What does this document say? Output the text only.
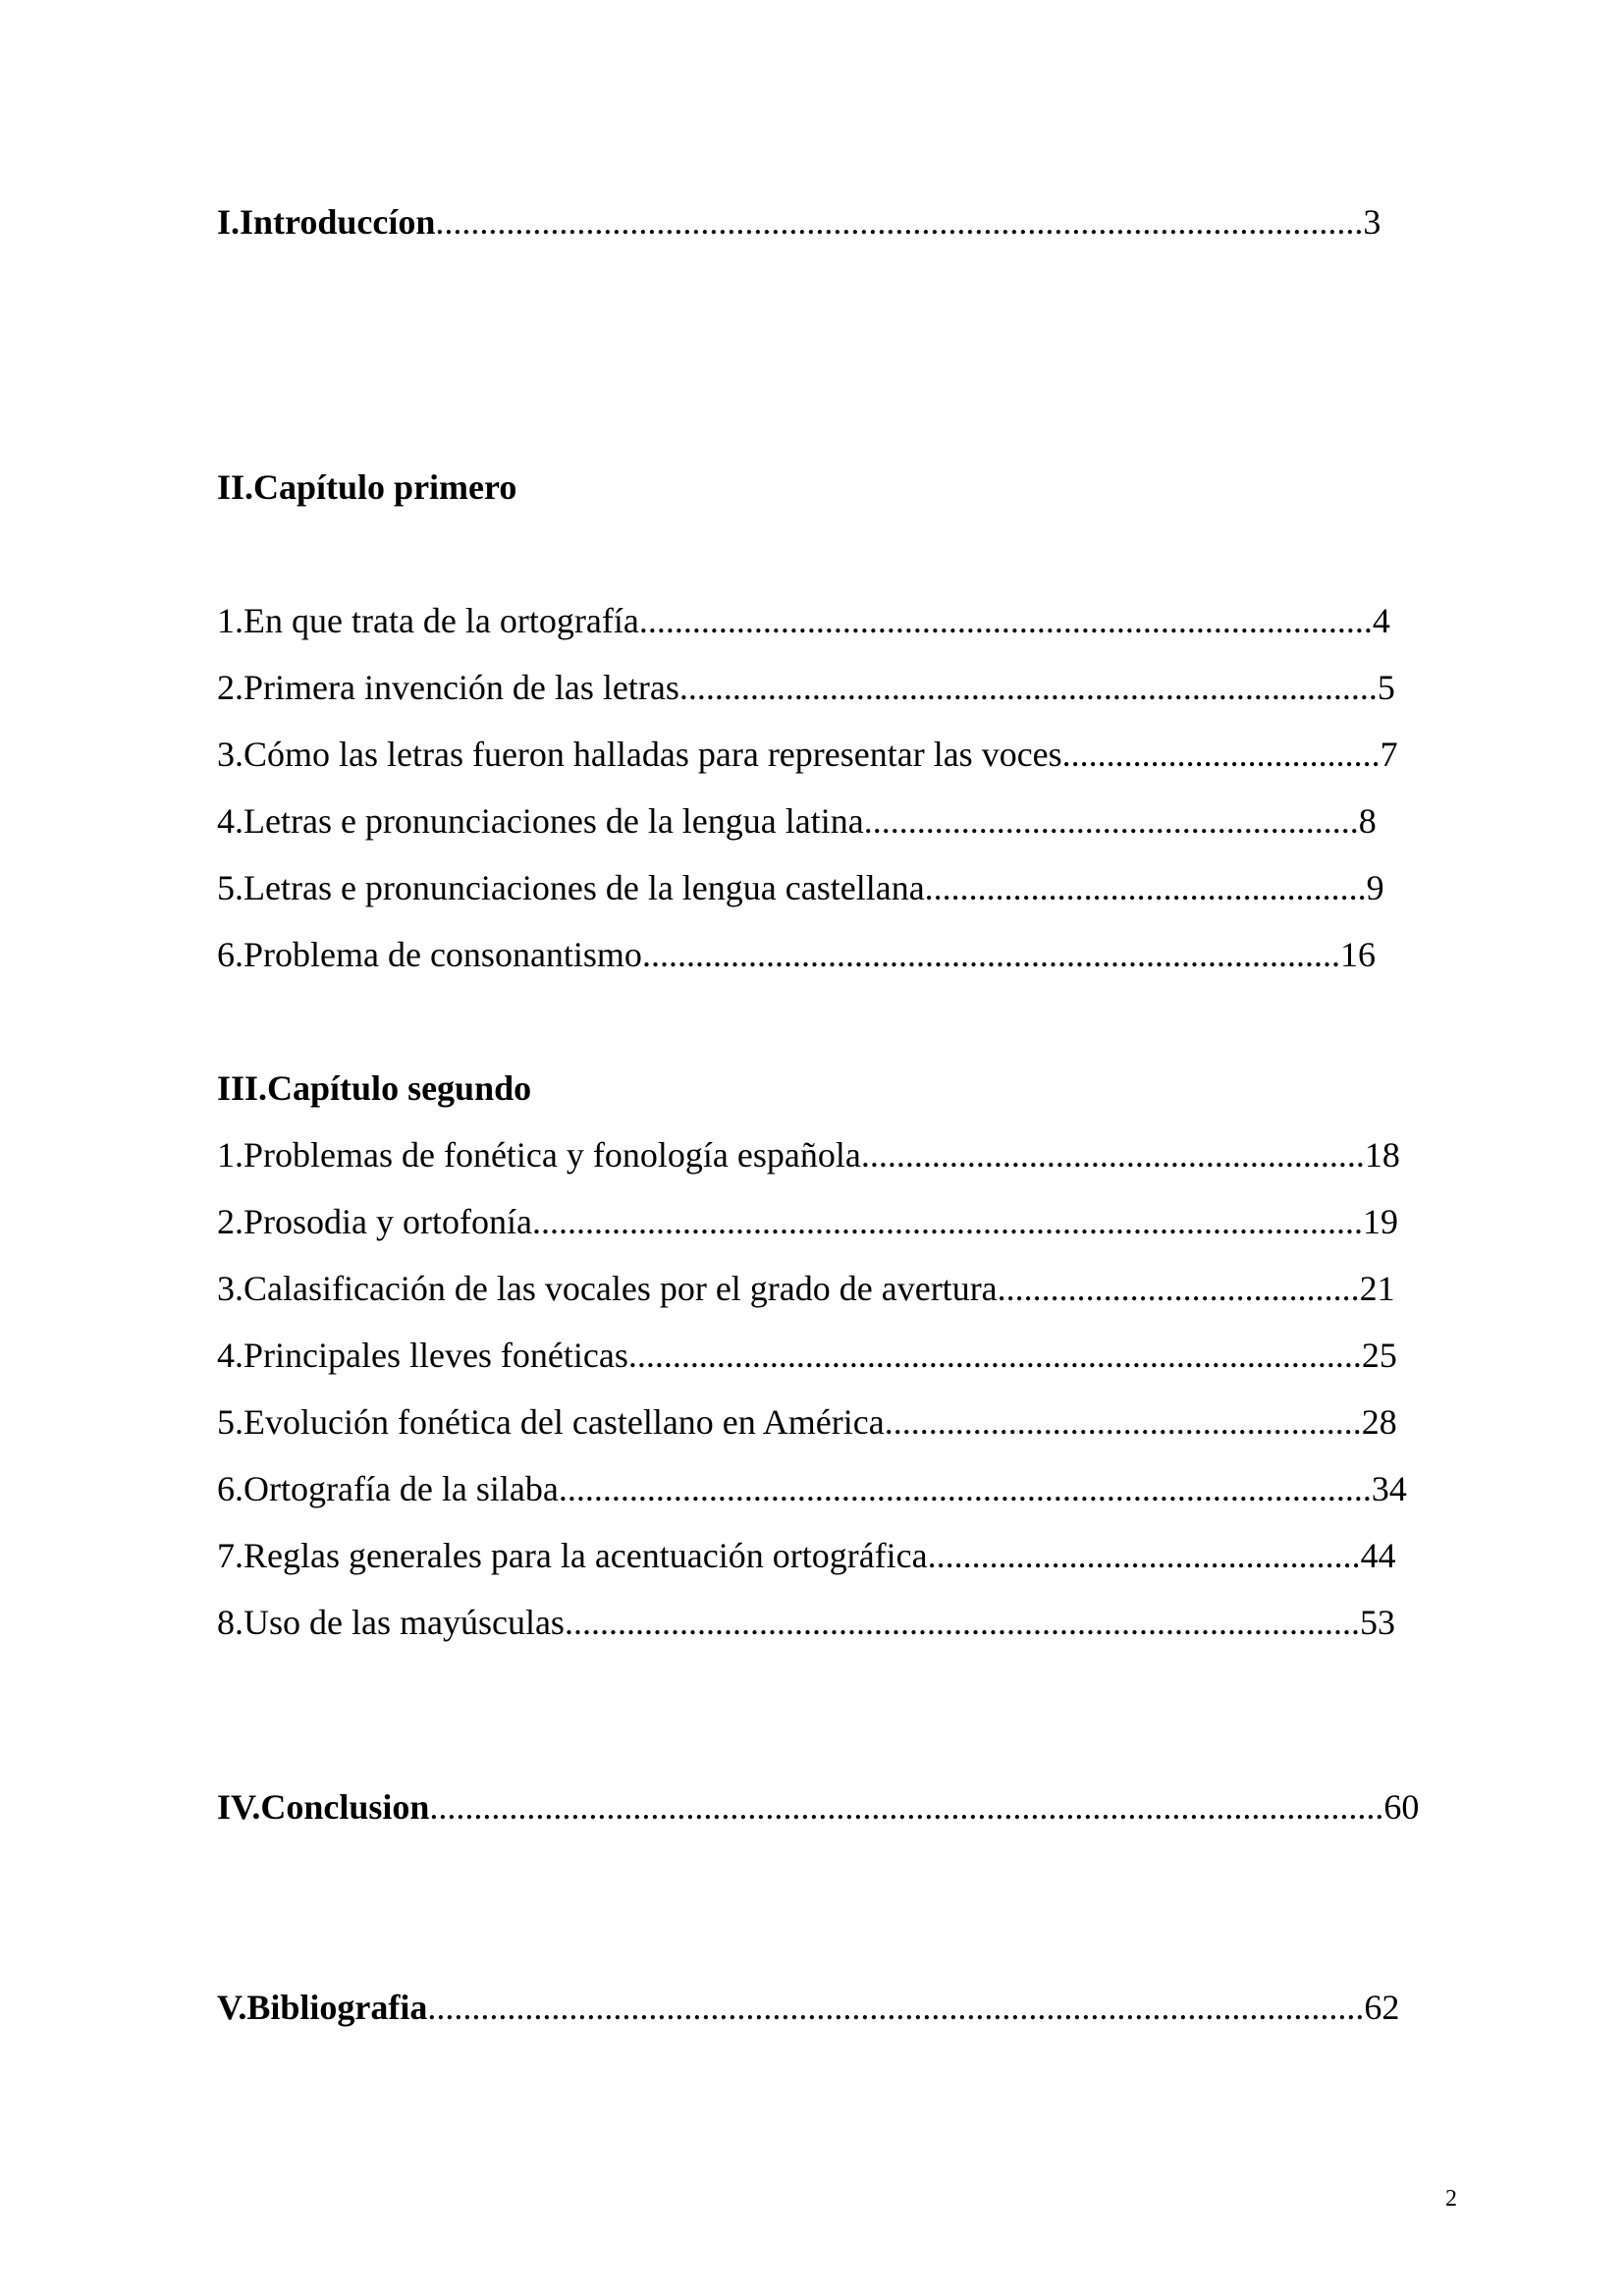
I.Introduccíon.........................................................................................................3
II.Capítulo primero
1.En que trata de la ortografía...................................................................................4
2.Primera invención de las letras...............................................................................5
3.Cómo las letras fueron halladas para representar las voces....................................7
4.Letras e pronunciaciones de la lengua latina........................................................8
5.Letras e pronunciaciones de la lengua castellana..................................................9
6.Problema de consonantismo...............................................................................16
III.Capítulo segundo
1.Problemas de fonética y fonología española.........................................................18
2.Prosodia y ortofonía..............................................................................................19
3.Calasificación de las vocales por el grado de avertura.........................................21
4.Principales lleves fonéticas...................................................................................25
5.Evolución fonética del castellano en América......................................................28
6.Ortografía de la silaba............................................................................................34
7.Reglas generales para la acentuación ortográfica.................................................44
8.Uso de las mayúsculas..........................................................................................53
IV.Conclusion............................................................................................................60
V.Bibliografia..........................................................................................................62
2
